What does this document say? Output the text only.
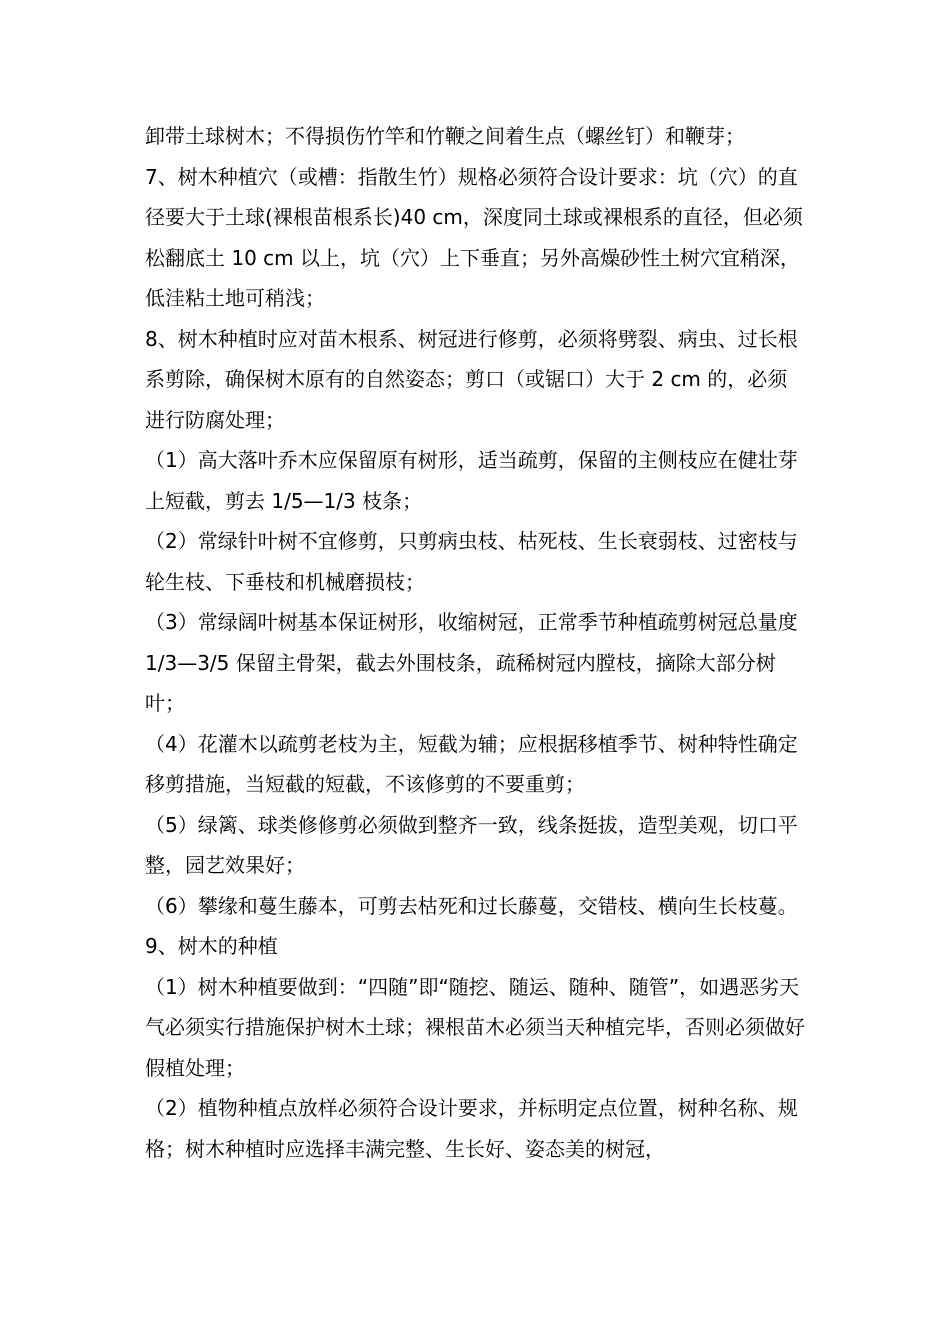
卸带土球树木；不得损伤竹竿和竹鞭之间着生点（螺丝钉）和鞭芽；

7、树木种植穴（或槽：指散生竹）规格必须符合设计要求：坑（穴）的直径要大于土球(裸根苗根系长)40 cm，深度同土球或裸根系的直径，但必须松翻底土 10 cm 以上，坑（穴）上下垂直；另外高燥砂性土树穴宜稍深，低洼粘土地可稍浅；

8、树木种植时应对苗木根系、树冠进行修剪，必须将劈裂、病虫、过长根系剪除，确保树木原有的自然姿态；剪口（或锯口）大于 2 cm 的，必须进行防腐处理；

（1）高大落叶乔木应保留原有树形，适当疏剪，保留的主侧枝应在健壮芽上短截，剪去 1/5—1/3 枝条；

（2）常绿针叶树不宜修剪，只剪病虫枝、枯死枝、生长衰弱枝、过密枝与轮生枝、下垂枝和机械磨损枝；

（3）常绿阔叶树基本保证树形，收缩树冠，正常季节种植疏剪树冠总量度 1/3—3/5 保留主骨架，截去外围枝条，疏稀树冠内膛枝，摘除大部分树叶；

（4）花灌木以疏剪老枝为主，短截为辅；应根据移植季节、树种特性确定移剪措施，当短截的短截，不该修剪的不要重剪；

（5）绿篱、球类修修剪必须做到整齐一致，线条挺拔，造型美观，切口平整，园艺效果好；

（6）攀缘和蔓生藤本，可剪去枯死和过长藤蔓，交错枝、横向生长枝蔓。

9、树木的种植

（1）树木种植要做到：“四随”即“随挖、随运、随种、随管”，如遇恶劣天气必须实行措施保护树木土球；裸根苗木必须当天种植完毕，否则必须做好假植处理；

（2）植物种植点放样必须符合设计要求，并标明定点位置，树种名称、规格；树木种植时应选择丰满完整、生长好、姿态美的树冠，
